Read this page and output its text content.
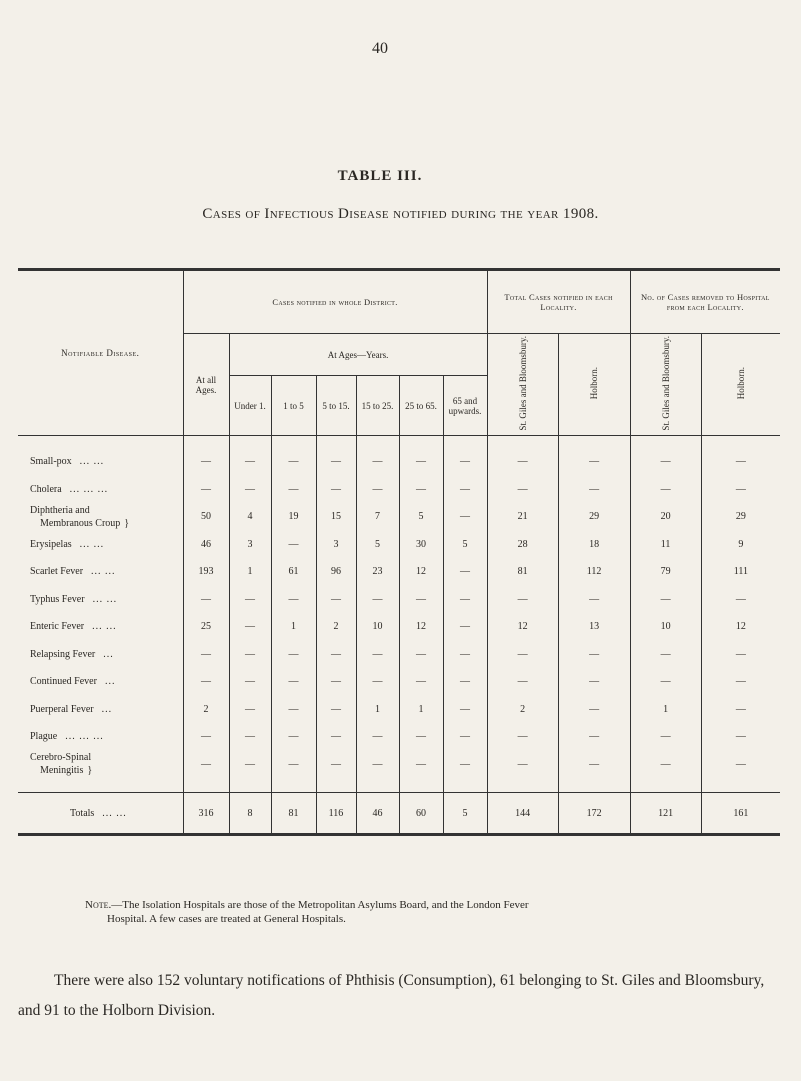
40
TABLE III.
Cases of Infectious Disease notified during the year 1908.
Notifiable Disease.	Cases notified in whole District.							Total Cases notified in each Locality.		No. of Cases removed to Hospital from each Locality.	
	At all Ages.	At Ages—Years.						St. Giles and Bloomsbury.	Holborn.	St. Giles and Bloomsbury.	Holborn.
		Under 1.	1 to 5	5 to 15.	15 to 25.	25 to 65.	65 and upwards.				

Small-pox ... ...	—	—	—	—	—	—	—	—	—	—	—
Cholera ... ... ...	—	—	—	—	—	—	—	—	—	—	—

Diphtheria and
Membranous Croup }	50	4	19	15	7	5	—	21	29	20	29
Erysipelas ... ...	46	3	—	3	5	30	5	28	18	11	9
Scarlet Fever ... ...	193	1	61	96	23	12	—	81	112	79	111
Typhus Fever ... ...	—	—	—	—	—	—	—	—	—	—	—
Enteric Fever ... ...	25	—	1	2	10	12	—	12	13	10	12
Relapsing Fever ...	—	—	—	—	—	—	—	—	—	—	—
Continued Fever ...	—	—	—	—	—	—	—	—	—	—	—
Puerperal Fever ...	2	—	—	—	1	1	—	2	—	1	—
Plague ... ... ...	—	—	—	—	—	—	—	—	—	—	—

Cerebro-Spinal
Meningitis }	—	—	—	—	—	—	—	—	—	—	—

Totals ... ...	316	8	81	116	46	60	5	144	172	121	161
Note.—The Isolation Hospitals are those of the Metropolitan Asylums Board, and the London Fever
Hospital. A few cases are treated at General Hospitals.
There were also 152 voluntary notifications of Phthisis (Consumption), 61 belonging to St. Giles and Bloomsbury, and 91 to the Holborn Division.
